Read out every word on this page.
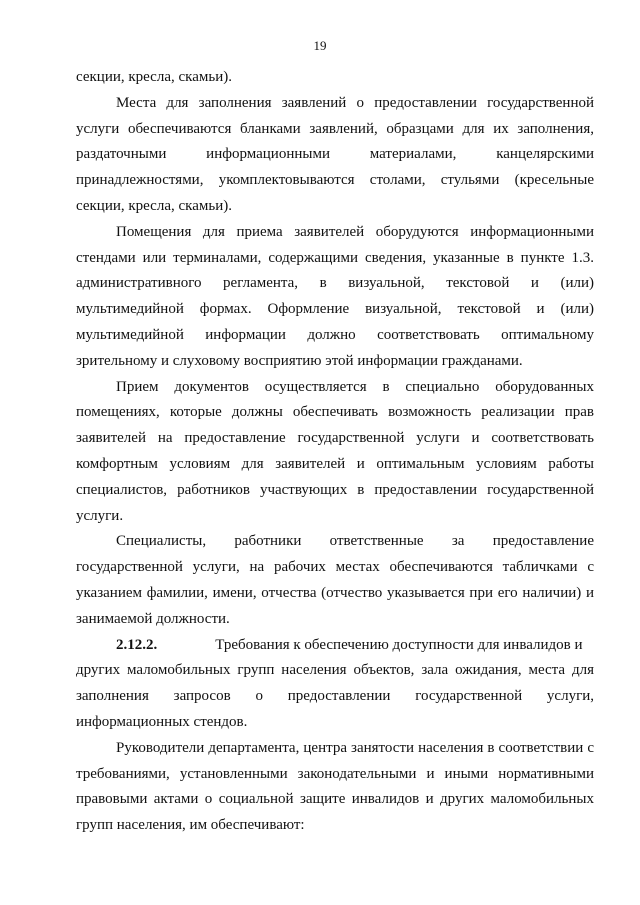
19
секции, кресла, скамьи).
Места для заполнения заявлений о предоставлении государственной
услуги обеспечиваются бланками заявлений, образцами для их заполнения,
раздаточными информационными материалами, канцелярскими
принадлежностями, укомплектовываются столами, стульями (кресельные
секции, кресла, скамьи).
Помещения для приема заявителей оборудуются информационными
стендами или терминалами, содержащими сведения, указанные в пункте 1.3.
административного регламента, в визуальной, текстовой и (или)
мультимедийной формах. Оформление визуальной, текстовой и (или)
мультимедийной информации должно соответствовать оптимальному
зрительному и слуховому восприятию этой информации гражданами.
Прием документов осуществляется в специально оборудованных
помещениях, которые должны обеспечивать возможность реализации прав
заявителей на предоставление государственной услуги и соответствовать
комфортным условиям для заявителей и оптимальным условиям работы
специалистов, работников участвующих в предоставлении государственной
услуги.
Специалисты, работники ответственные за предоставление
государственной услуги, на рабочих местах обеспечиваются табличками с
указанием фамилии, имени, отчества (отчество указывается при его наличии) и
занимаемой должности.
2.12.2.	Требования к обеспечению доступности для инвалидов и
других маломобильных групп населения объектов, зала ожидания, места для
заполнения запросов о предоставлении государственной услуги,
информационных стендов.
Руководители департамента, центра занятости населения в соответствии с
требованиями, установленными законодательными и иными нормативными
правовыми актами о социальной защите инвалидов и других маломобильных
групп населения, им обеспечивают:
